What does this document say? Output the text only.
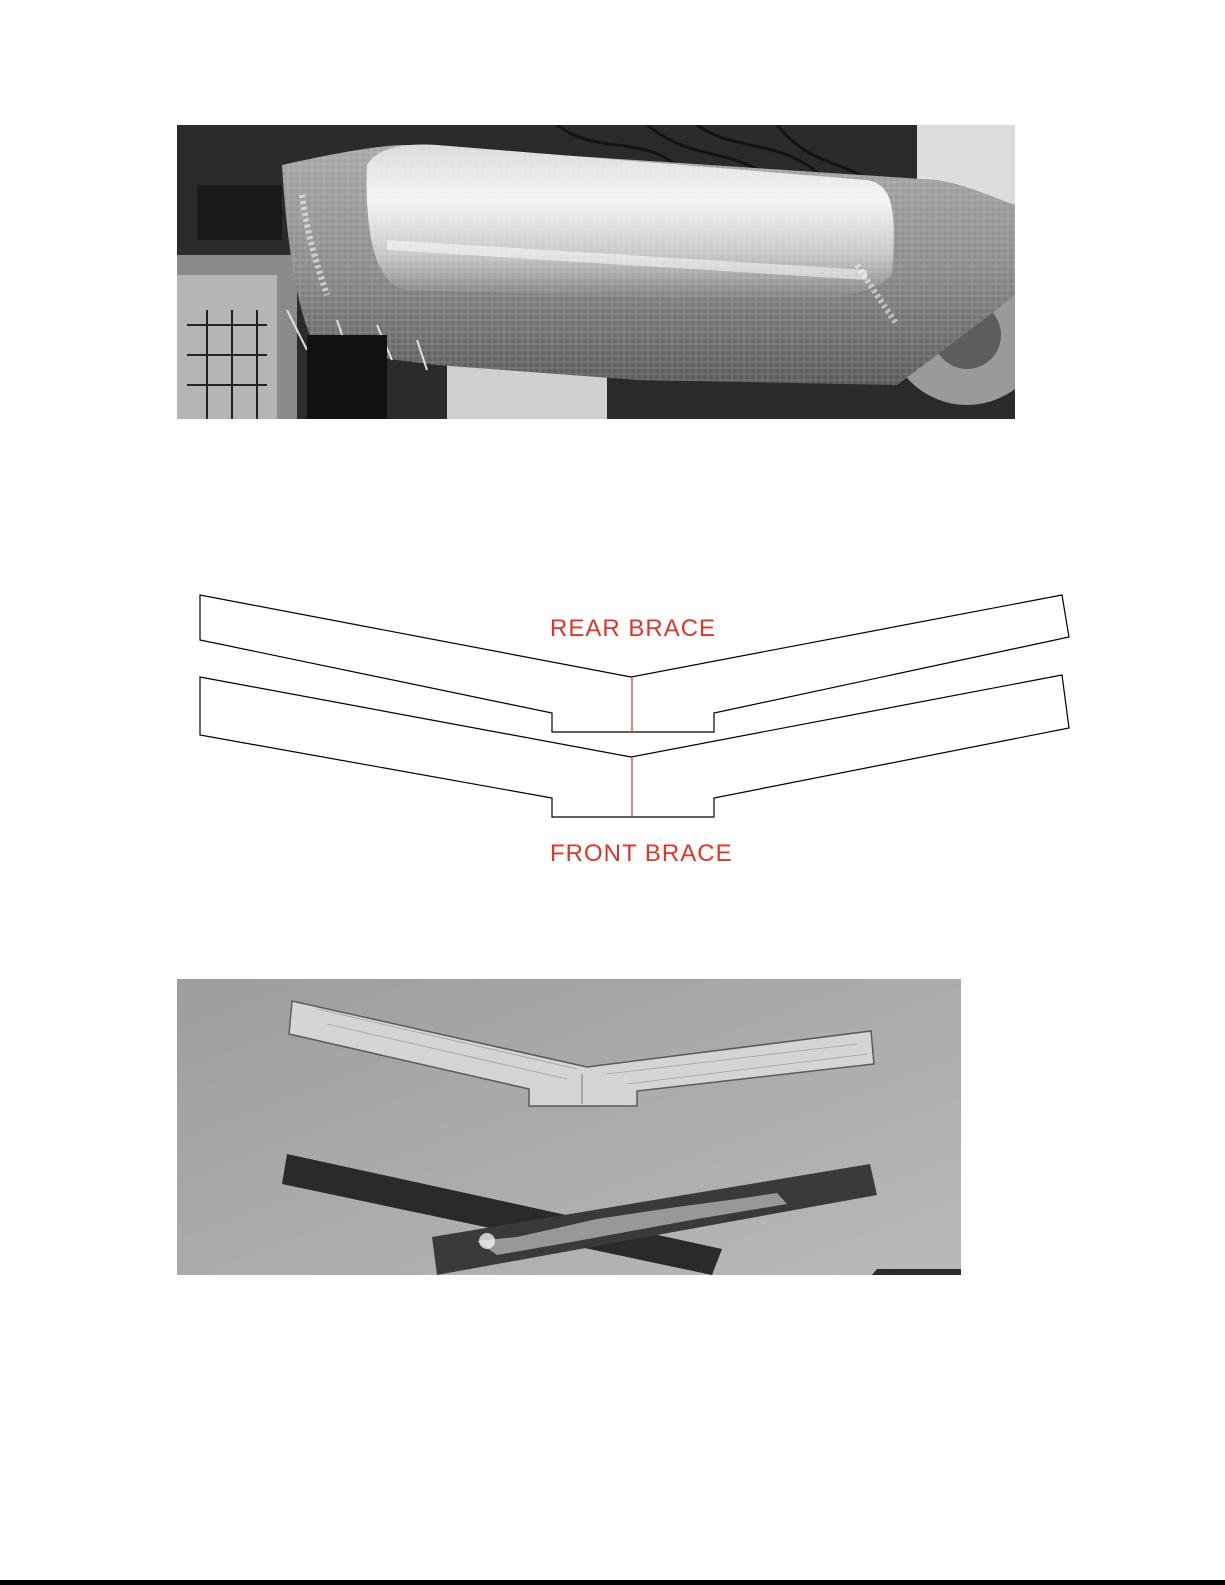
REAR BRACE
FRONT BRACE
